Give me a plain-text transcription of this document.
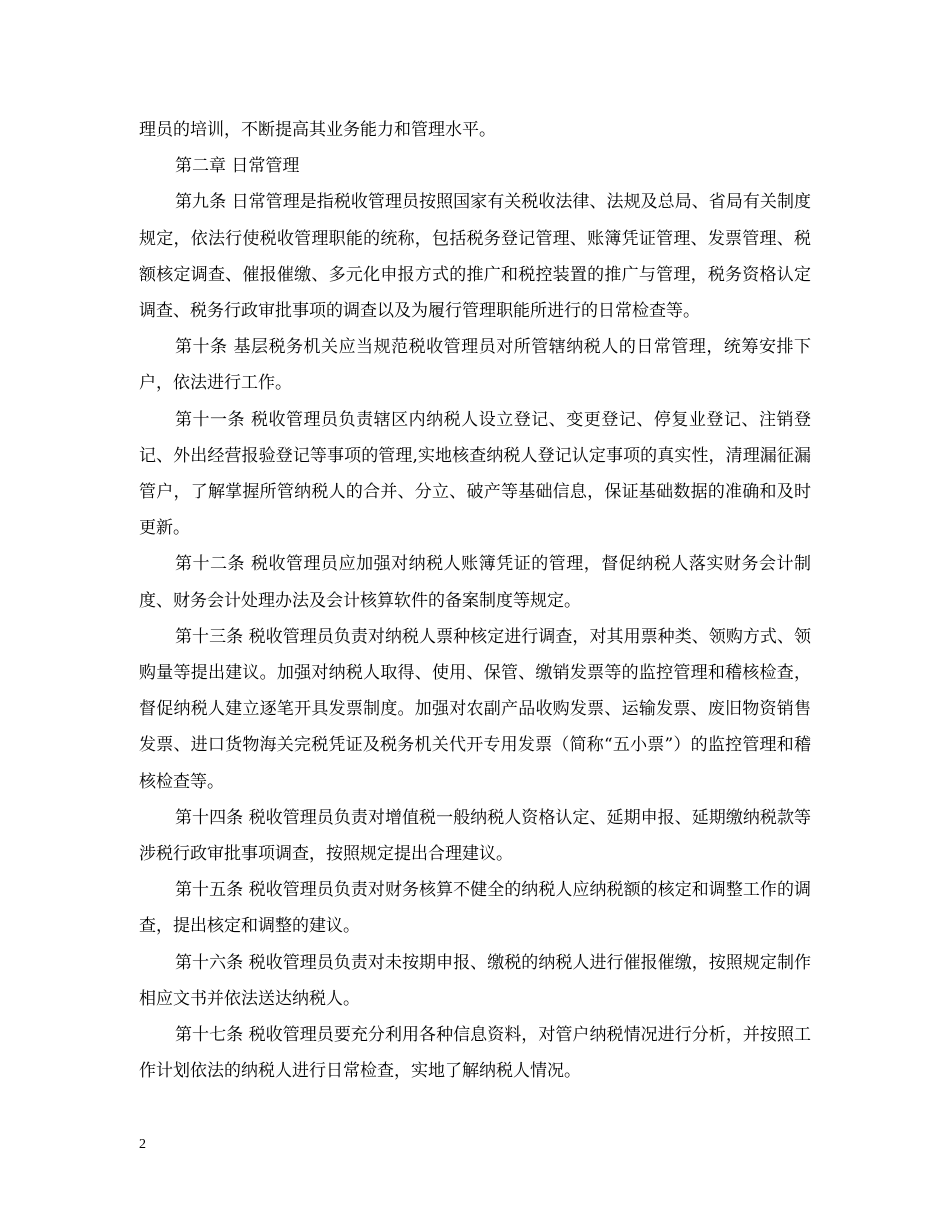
理员的培训，不断提高其业务能力和管理水平。

第二章 日常管理

第九条 日常管理是指税收管理员按照国家有关税收法律、法规及总局、省局有关制度规定，依法行使税收管理职能的统称，包括税务登记管理、账簿凭证管理、发票管理、税额核定调查、催报催缴、多元化申报方式的推广和税控装置的推广与管理，税务资格认定调查、税务行政审批事项的调查以及为履行管理职能所进行的日常检查等。

第十条 基层税务机关应当规范税收管理员对所管辖纳税人的日常管理，统筹安排下户，依法进行工作。

第十一条 税收管理员负责辖区内纳税人设立登记、变更登记、停复业登记、注销登记、外出经营报验登记等事项的管理,实地核查纳税人登记认定事项的真实性，清理漏征漏管户，了解掌握所管纳税人的合并、分立、破产等基础信息，保证基础数据的准确和及时更新。

第十二条 税收管理员应加强对纳税人账簿凭证的管理，督促纳税人落实财务会计制度、财务会计处理办法及会计核算软件的备案制度等规定。

第十三条 税收管理员负责对纳税人票种核定进行调查，对其用票种类、领购方式、领购量等提出建议。加强对纳税人取得、使用、保管、缴销发票等的监控管理和稽核检查，督促纳税人建立逐笔开具发票制度。加强对农副产品收购发票、运输发票、废旧物资销售发票、进口货物海关完税凭证及税务机关代开专用发票（简称“五小票”）的监控管理和稽核检查等。

第十四条 税收管理员负责对增值税一般纳税人资格认定、延期申报、延期缴纳税款等涉税行政审批事项调查，按照规定提出合理建议。

第十五条 税收管理员负责对财务核算不健全的纳税人应纳税额的核定和调整工作的调查，提出核定和调整的建议。

第十六条 税收管理员负责对未按期申报、缴税的纳税人进行催报催缴，按照规定制作相应文书并依法送达纳税人。

第十七条 税收管理员要充分利用各种信息资料，对管户纳税情况进行分析，并按照工作计划依法的纳税人进行日常检查，实地了解纳税人情况。

2
